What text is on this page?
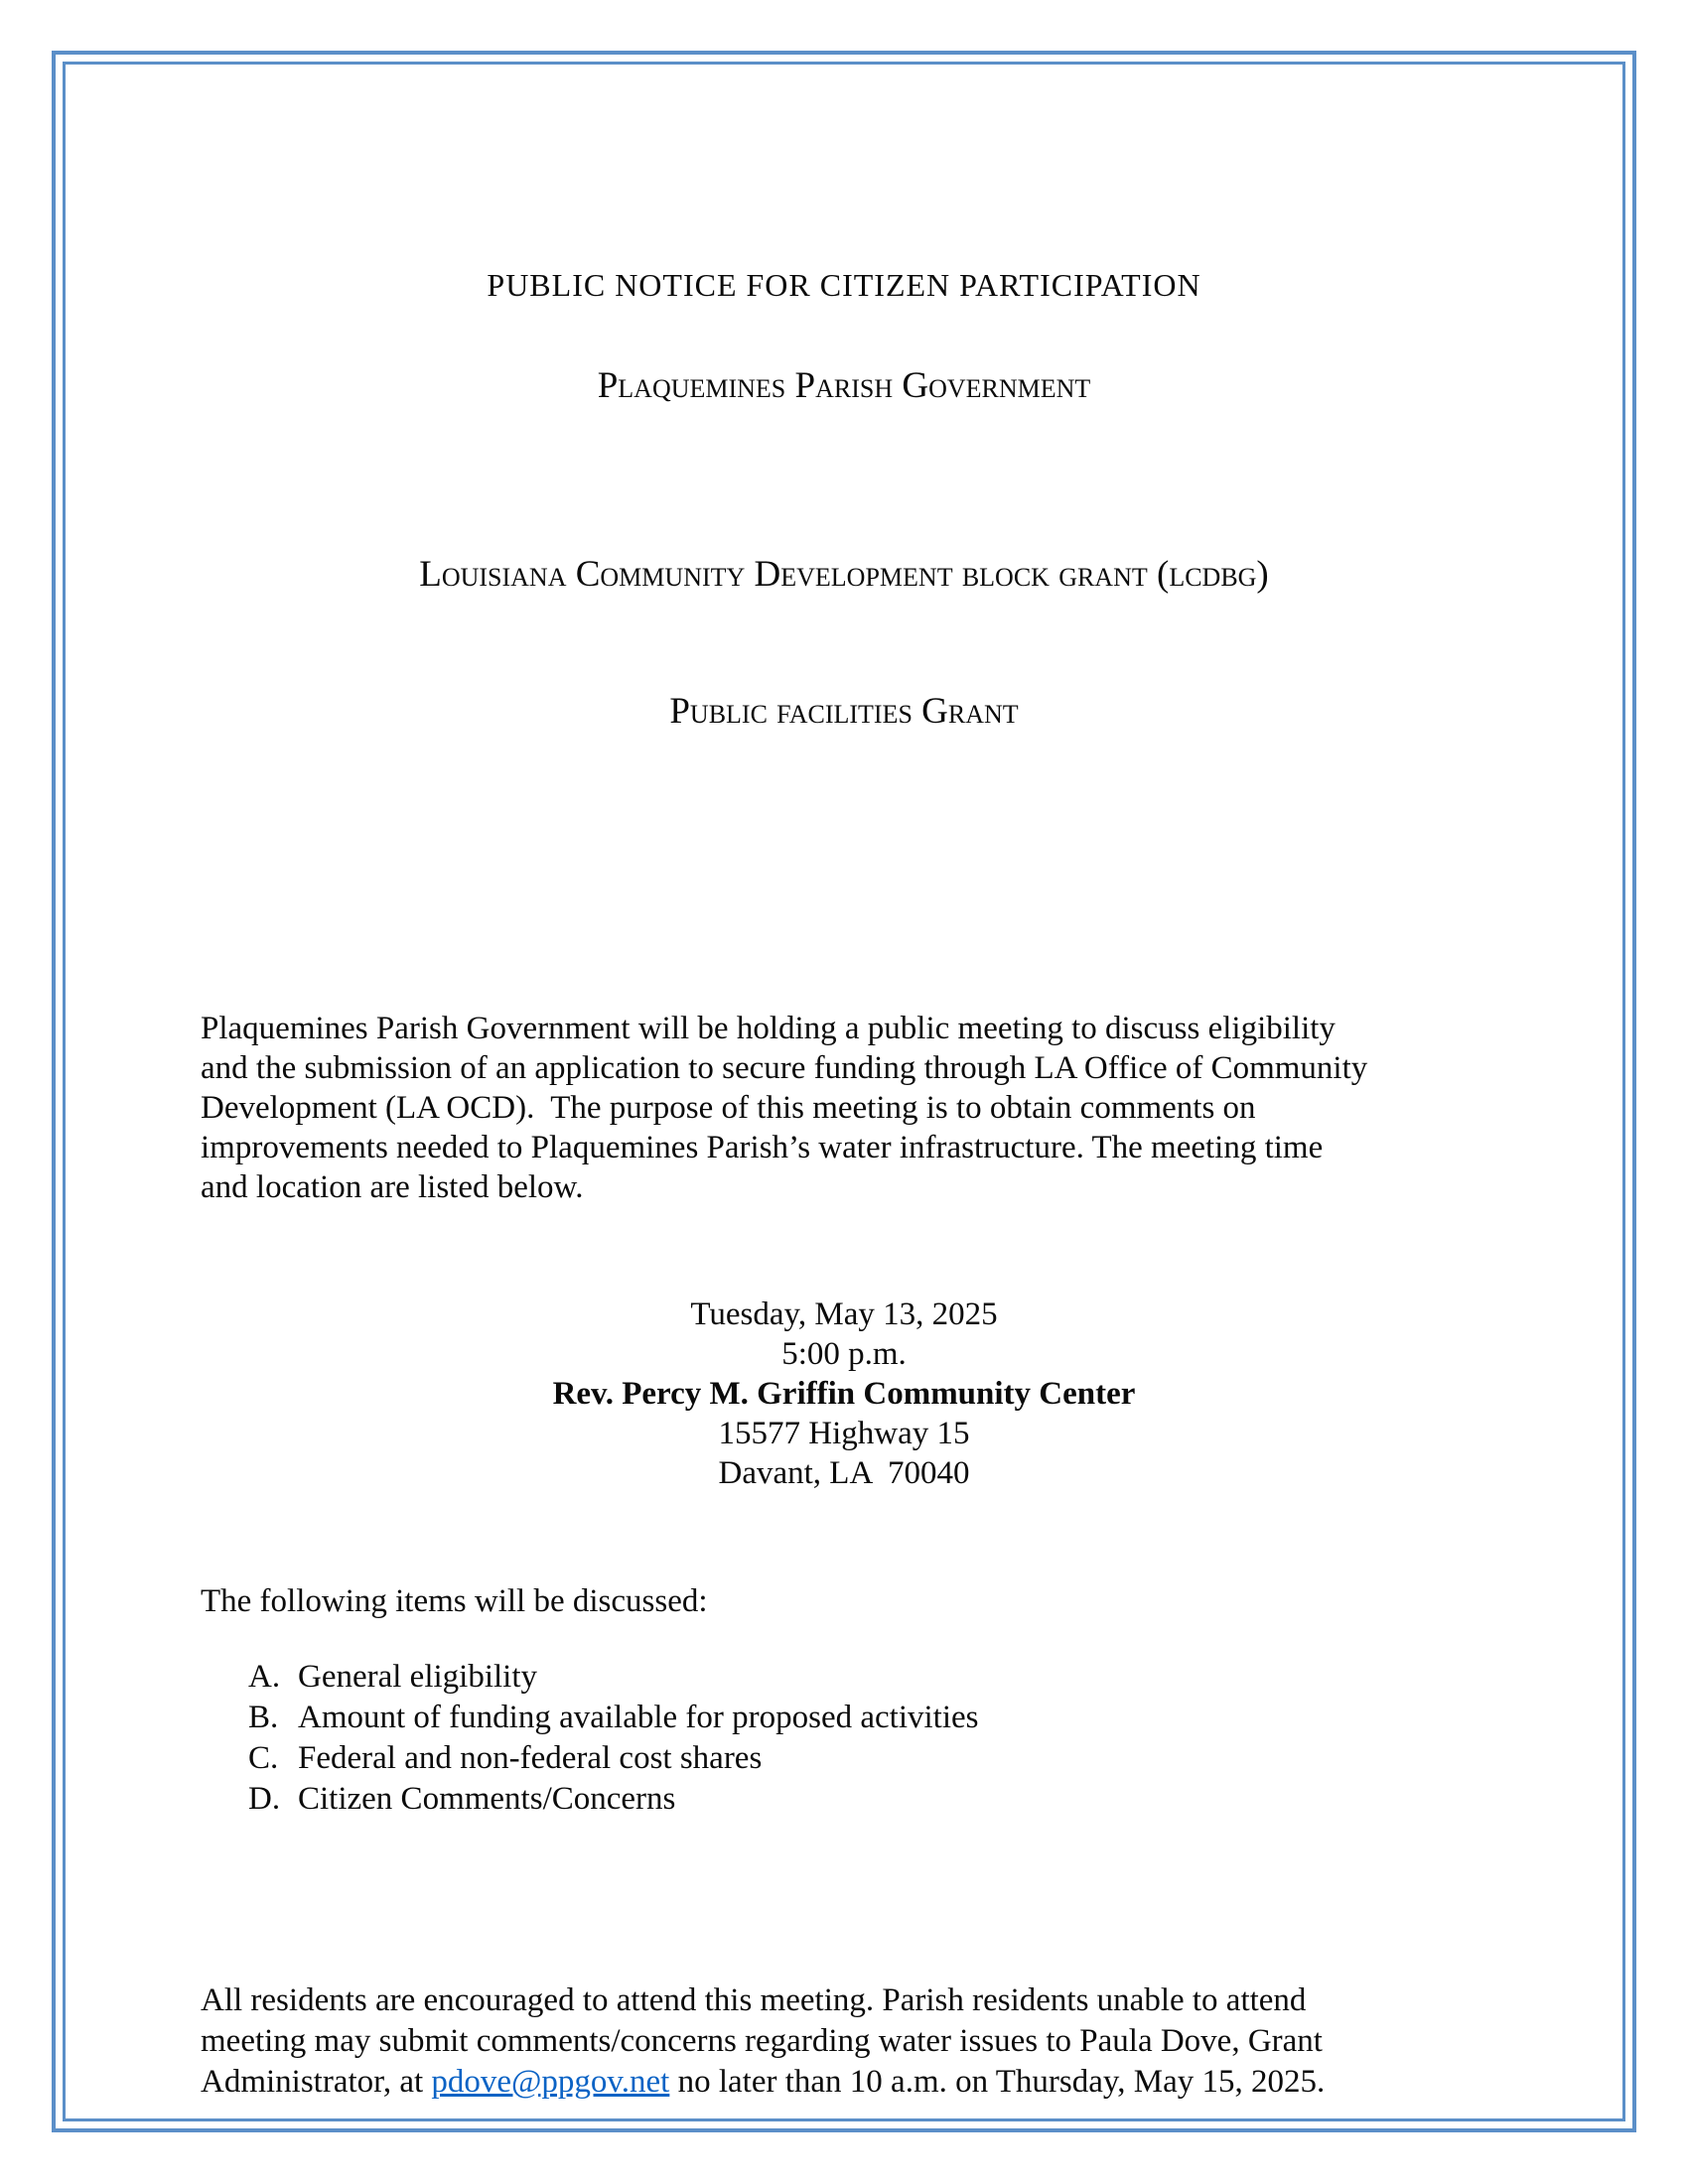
PUBLIC NOTICE FOR CITIZEN PARTICIPATION
Plaquemines Parish Government

Louisiana Community Development block grant (lcdbg)

Public facilities Grant

Plaquemines Parish Government will be holding a public meeting to discuss eligibility
and the submission of an application to secure funding through LA Office of Community
Development (LA OCD).  The purpose of this meeting is to obtain comments on
improvements needed to Plaquemines Parish’s water infrastructure. The meeting time
and location are listed below.
Tuesday, May 13, 2025
5:00 p.m.
Rev. Percy M. Griffin Community Center
15577 Highway 15
Davant, LA  70040
The following items will be discussed:
A. General eligibility
B. Amount of funding available for proposed activities
C. Federal and non-federal cost shares
D. Citizen Comments/Concerns
All residents are encouraged to attend this meeting. Parish residents unable to attend
meeting may submit comments/concerns regarding water issues to Paula Dove, Grant
Administrator, at pdove@ppgov.net no later than 10 a.m. on Thursday, May 15, 2025.
